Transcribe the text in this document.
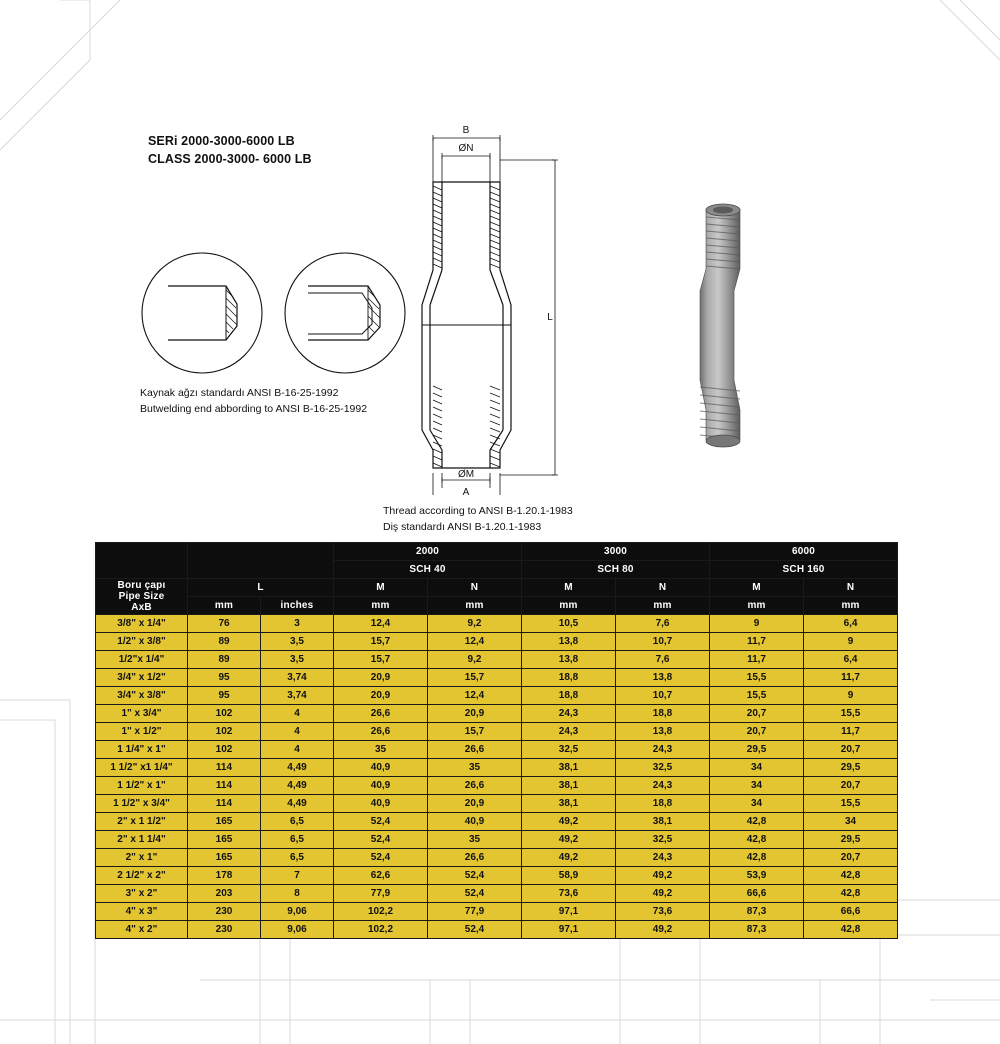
SERi 2000-3000-6000 LB
CLASS 2000-3000- 6000 LB
Kaynak ağzı standardı ANSI B-16-25-1992
Butwelding end abbording to ANSI B-16-25-1992
B
ØN
L
ØM
A
Thread according to ANSI B-1.20.1-1983
Diş standardı ANSI B-1.20.1-1983
			2000		3000		6000	
			SCH 40		SCH 80		SCH 160	

Boru çapı
Pipe Size
AxB	L		M	N	M	N	M	N
	mm	inches	mm	mm	mm	mm	mm	mm
3/8" x 1/4"	76	3	12,4	9,2	10,5	7,6	9	6,4
1/2" x 3/8"	89	3,5	15,7	12,4	13,8	10,7	11,7	9
1/2"x 1/4"	89	3,5	15,7	9,2	13,8	7,6	11,7	6,4
3/4" x 1/2"	95	3,74	20,9	15,7	18,8	13,8	15,5	11,7
3/4" x 3/8"	95	3,74	20,9	12,4	18,8	10,7	15,5	9
1" x 3/4"	102	4	26,6	20,9	24,3	18,8	20,7	15,5
1" x 1/2"	102	4	26,6	15,7	24,3	13,8	20,7	11,7
1 1/4" x 1"	102	4	35	26,6	32,5	24,3	29,5	20,7
1 1/2" x1 1/4"	114	4,49	40,9	35	38,1	32,5	34	29,5
1 1/2" x 1"	114	4,49	40,9	26,6	38,1	24,3	34	20,7
1 1/2" x 3/4"	114	4,49	40,9	20,9	38,1	18,8	34	15,5
2" x 1 1/2"	165	6,5	52,4	40,9	49,2	38,1	42,8	34
2" x 1 1/4"	165	6,5	52,4	35	49,2	32,5	42,8	29,5
2" x 1"	165	6,5	52,4	26,6	49,2	24,3	42,8	20,7
2 1/2" x 2"	178	7	62,6	52,4	58,9	49,2	53,9	42,8
3" x 2"	203	8	77,9	52,4	73,6	49,2	66,6	42,8
4" x 3"	230	9,06	102,2	77,9	97,1	73,6	87,3	66,6
4" x 2"	230	9,06	102,2	52,4	97,1	49,2	87,3	42,8
